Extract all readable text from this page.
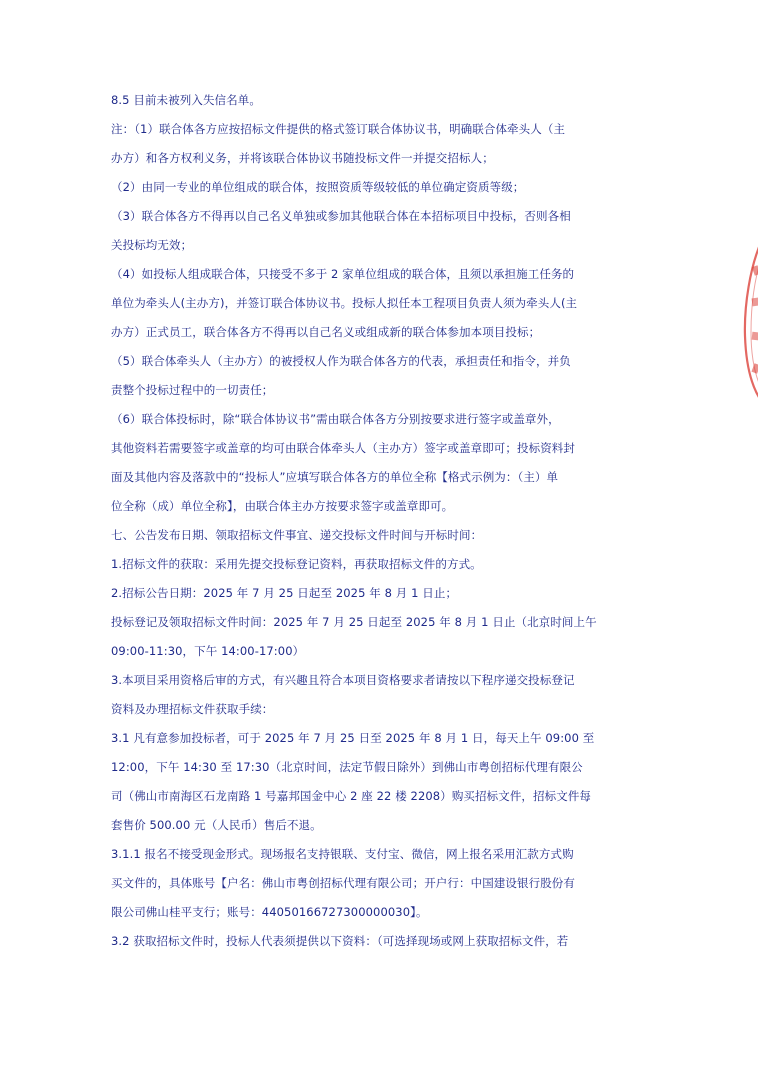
8.5 目前未被列入失信名单。
注：（1）联合体各方应按招标文件提供的格式签订联合体协议书，明确联合体牵头人（主
办方）和各方权利义务，并将该联合体协议书随投标文件一并提交招标人；
（2）由同一专业的单位组成的联合体，按照资质等级较低的单位确定资质等级；
（3）联合体各方不得再以自己名义单独或参加其他联合体在本招标项目中投标，否则各相
关投标均无效；
（4）如投标人组成联合体，只接受不多于 2 家单位组成的联合体，且须以承担施工任务的
单位为牵头人(主办方)，并签订联合体协议书。投标人拟任本工程项目负责人须为牵头人(主
办方）正式员工，联合体各方不得再以自己名义或组成新的联合体参加本项目投标；
（5）联合体牵头人（主办方）的被授权人作为联合体各方的代表，承担责任和指令，并负
责整个投标过程中的一切责任；
（6）联合体投标时，除“联合体协议书”需由联合体各方分别按要求进行签字或盖章外，
其他资料若需要签字或盖章的均可由联合体牵头人（主办方）签字或盖章即可；投标资料封
面及其他内容及落款中的“投标人”应填写联合体各方的单位全称【格式示例为：（主）单
位全称（成）单位全称】，由联合体主办方按要求签字或盖章即可。
七、公告发布日期、领取招标文件事宜、递交投标文件时间与开标时间：
1.招标文件的获取：采用先提交投标登记资料，再获取招标文件的方式。
2.招标公告日期：2025 年 7 月 25 日起至 2025 年 8 月 1 日止；
投标登记及领取招标文件时间：2025 年 7 月 25 日起至 2025 年 8 月 1 日止（北京时间上午
09:00-11:30，下午 14:00-17:00）
3.本项目采用资格后审的方式，有兴趣且符合本项目资格要求者请按以下程序递交投标登记
资料及办理招标文件获取手续：
3.1 凡有意参加投标者，可于 2025 年 7 月 25 日至 2025 年 8 月 1 日，每天上午 09:00 至
12:00，下午 14:30 至 17:30（北京时间，法定节假日除外）到佛山市粤创招标代理有限公
司（佛山市南海区石龙南路 1 号嘉邦国金中心 2 座 22 楼 2208）购买招标文件，招标文件每
套售价 500.00 元（人民币）售后不退。
3.1.1 报名不接受现金形式。现场报名支持银联、支付宝、微信，网上报名采用汇款方式购
买文件的，具体账号【户名：佛山市粤创招标代理有限公司；开户行：中国建设银行股份有
限公司佛山桂平支行；账号：44050166727300000030】。
3.2 获取招标文件时，投标人代表须提供以下资料：（可选择现场或网上获取招标文件，若
